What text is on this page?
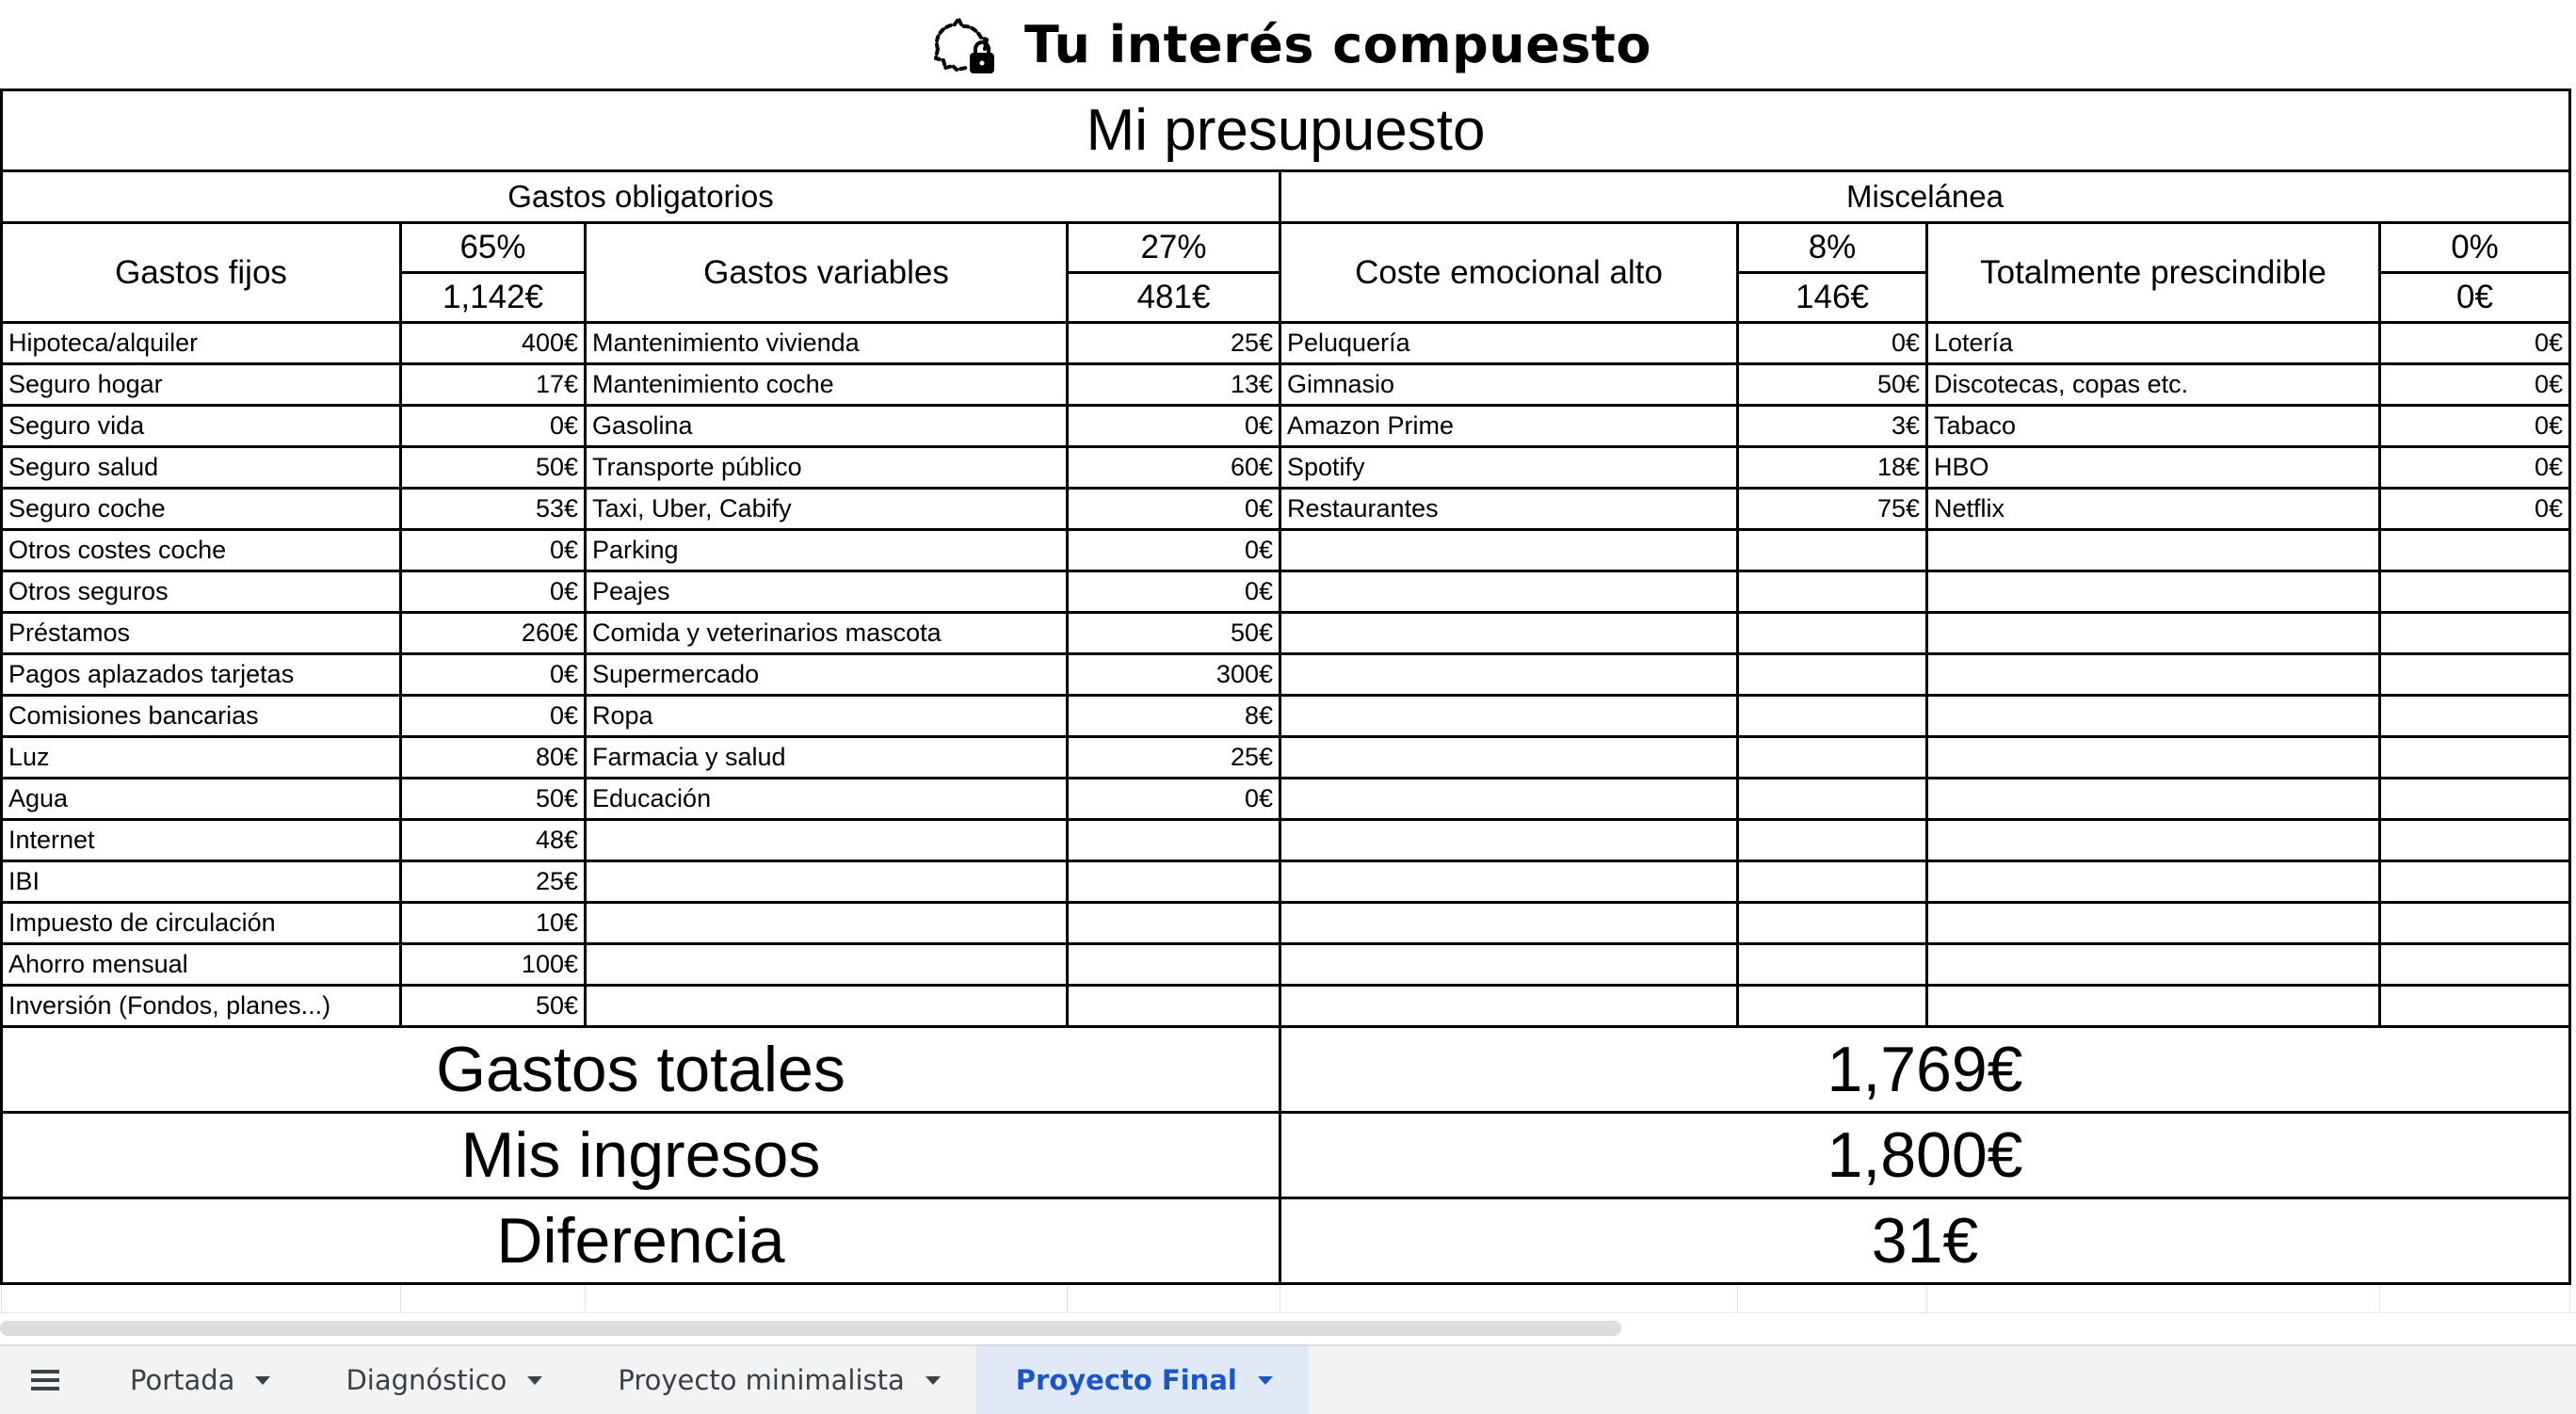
Tu interés compuesto
Mi presupuesto							
Gastos obligatorios				Miscelánea			
Gastos fijos	65%	Gastos variables	27%	Coste emocional alto	8%	Totalmente prescindible	0%
	1,142€		481€		146€		0€
Hipoteca/alquiler	400€	Mantenimiento vivienda	25€	Peluquería	0€	Lotería	0€
Seguro hogar	17€	Mantenimiento coche	13€	Gimnasio	50€	Discotecas, copas etc.	0€
Seguro vida	0€	Gasolina	0€	Amazon Prime	3€	Tabaco	0€
Seguro salud	50€	Transporte público	60€	Spotify	18€	HBO	0€
Seguro coche	53€	Taxi, Uber, Cabify	0€	Restaurantes	75€	Netflix	0€
Otros costes coche	0€	Parking	0€				
Otros seguros	0€	Peajes	0€				
Préstamos	260€	Comida y veterinarios mascota	50€				
Pagos aplazados tarjetas	0€	Supermercado	300€				
Comisiones bancarias	0€	Ropa	8€				
Luz	80€	Farmacia y salud	25€				
Agua	50€	Educación	0€				
Internet	48€						
IBI	25€						
Impuesto de circulación	10€						
Ahorro mensual	100€						
Inversión (Fondos, planes...)	50€						
Gastos totales				1,769€			
Mis ingresos				1,800€			
Diferencia				31€			

Portada	Diagnóstico	Proyecto minimalista	Proyecto Final
